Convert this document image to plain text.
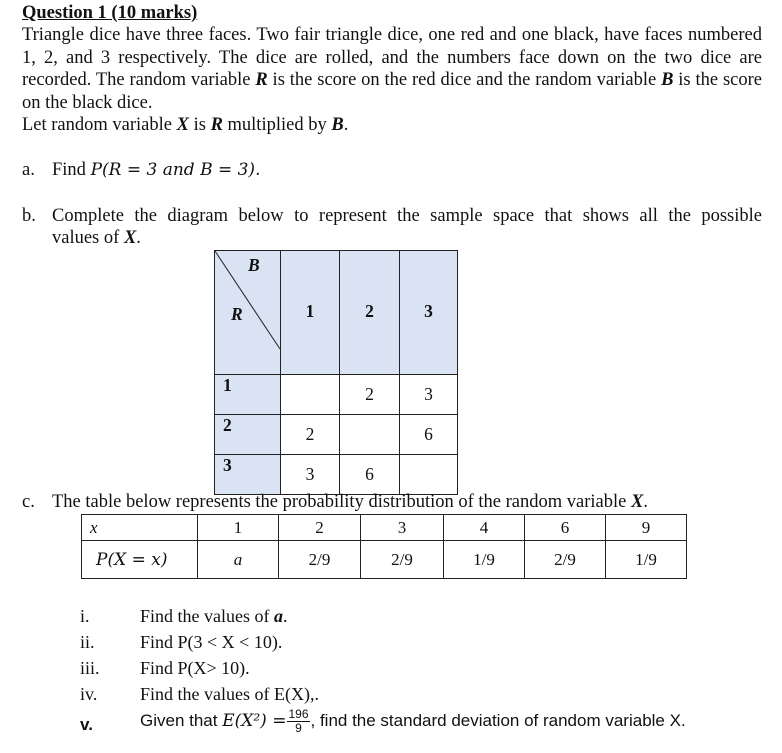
Question 1 (10 marks)
Triangle dice have three faces. Two fair triangle dice, one red and one black, have faces numbered 1, 2, and 3 respectively. The dice are rolled, and the numbers face down on the two dice are recorded. The random variable R is the score on the red dice and the random variable B is the score on the black dice.
Let random variable X is R multiplied by B.
a. Find P(R = 3 and B = 3).
b. Complete the diagram below to represent the sample space that shows all the possible
values of X.
B
R	1	2	3
1		2	3
2	2		6
3	3	6	
c. The table below represents the probability distribution of the random variable X.
x	1	2	3	4	6	9
P(X = x)	a	2/9	2/9	1/9	2/9	1/9
i.	Find the values of a.
ii.	Find P(3 < X < 10).
iii. Find P(X> 10).
iv. Find the values of E(X),.
v.	Given that $E(X^2) = \frac{196}{9}$ , find the standard deviation of random variable X.
